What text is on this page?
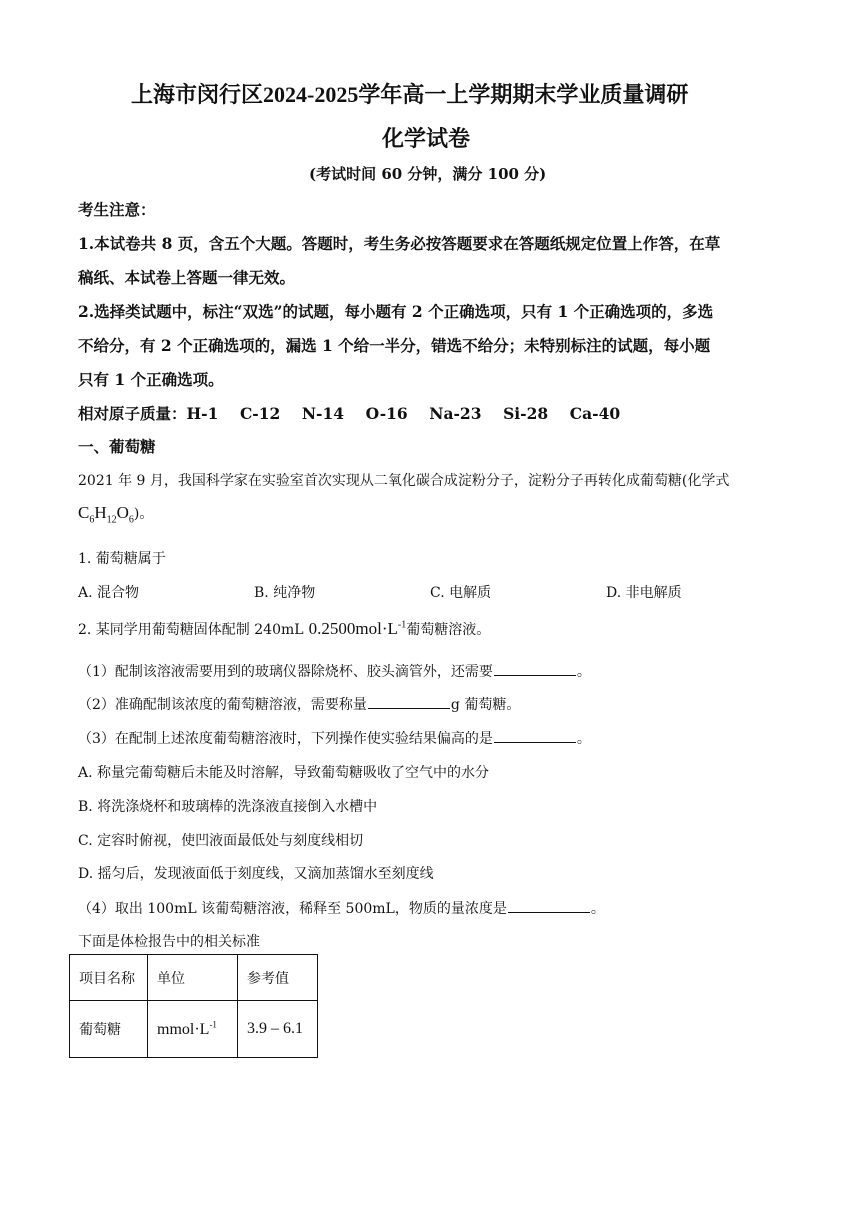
上海市闵行区2024-2025学年高一上学期期末学业质量调研
化学试卷
(考试时间 60 分钟，满分 100 分)
考生注意：
1.本试卷共 8 页，含五个大题。答题时，考生务必按答题要求在答题纸规定位置上作答，在草
稿纸、本试卷上答题一律无效。
2.选择类试题中，标注“双选”的试题，每小题有 2 个正确选项，只有 1 个正确选项的，多选
不给分，有 2 个正确选项的，漏选 1 个给一半分，错选不给分；未特别标注的试题，每小题
只有 1 个正确选项。
相对原子质量：H-1    C-12    N-14    O-16    Na-23    Si-28    Ca-40
一、葡萄糖
2021 年 9 月，我国科学家在实验室首次实现从二氧化碳合成淀粉分子，淀粉分子再转化成葡萄糖(化学式
$C_6H_{12}O_6$)。
1. 葡萄糖属于
A. 混合物	B. 纯净物	C. 电解质	D. 非电解质
2. 某同学用葡萄糖固体配制 240mL $0.2500mol\cdot L^{-1}$葡萄糖溶液。
（1）配制该溶液需要用到的玻璃仪器除烧杯、胶头滴管外，还需要	。
（2）准确配制该浓度的葡萄糖溶液，需要称量	g 葡萄糖。
（3）在配制上述浓度葡萄糖溶液时，下列操作使实验结果偏高的是	。
A. 称量完葡萄糖后未能及时溶解，导致葡萄糖吸收了空气中的水分
B. 将洗涤烧杯和玻璃棒的洗涤液直接倒入水槽中
C. 定容时俯视，使凹液面最低处与刻度线相切
D. 摇匀后，发现液面低于刻度线，又滴加蒸馏水至刻度线
（4）取出 100mL 该葡萄糖溶液，稀释至 500mL，物质的量浓度是	。
下面是体检报告中的相关标准
项目名称	单位	参考值
葡萄糖	$mmol\cdot L^{-1}$	3.9 – 6.1
